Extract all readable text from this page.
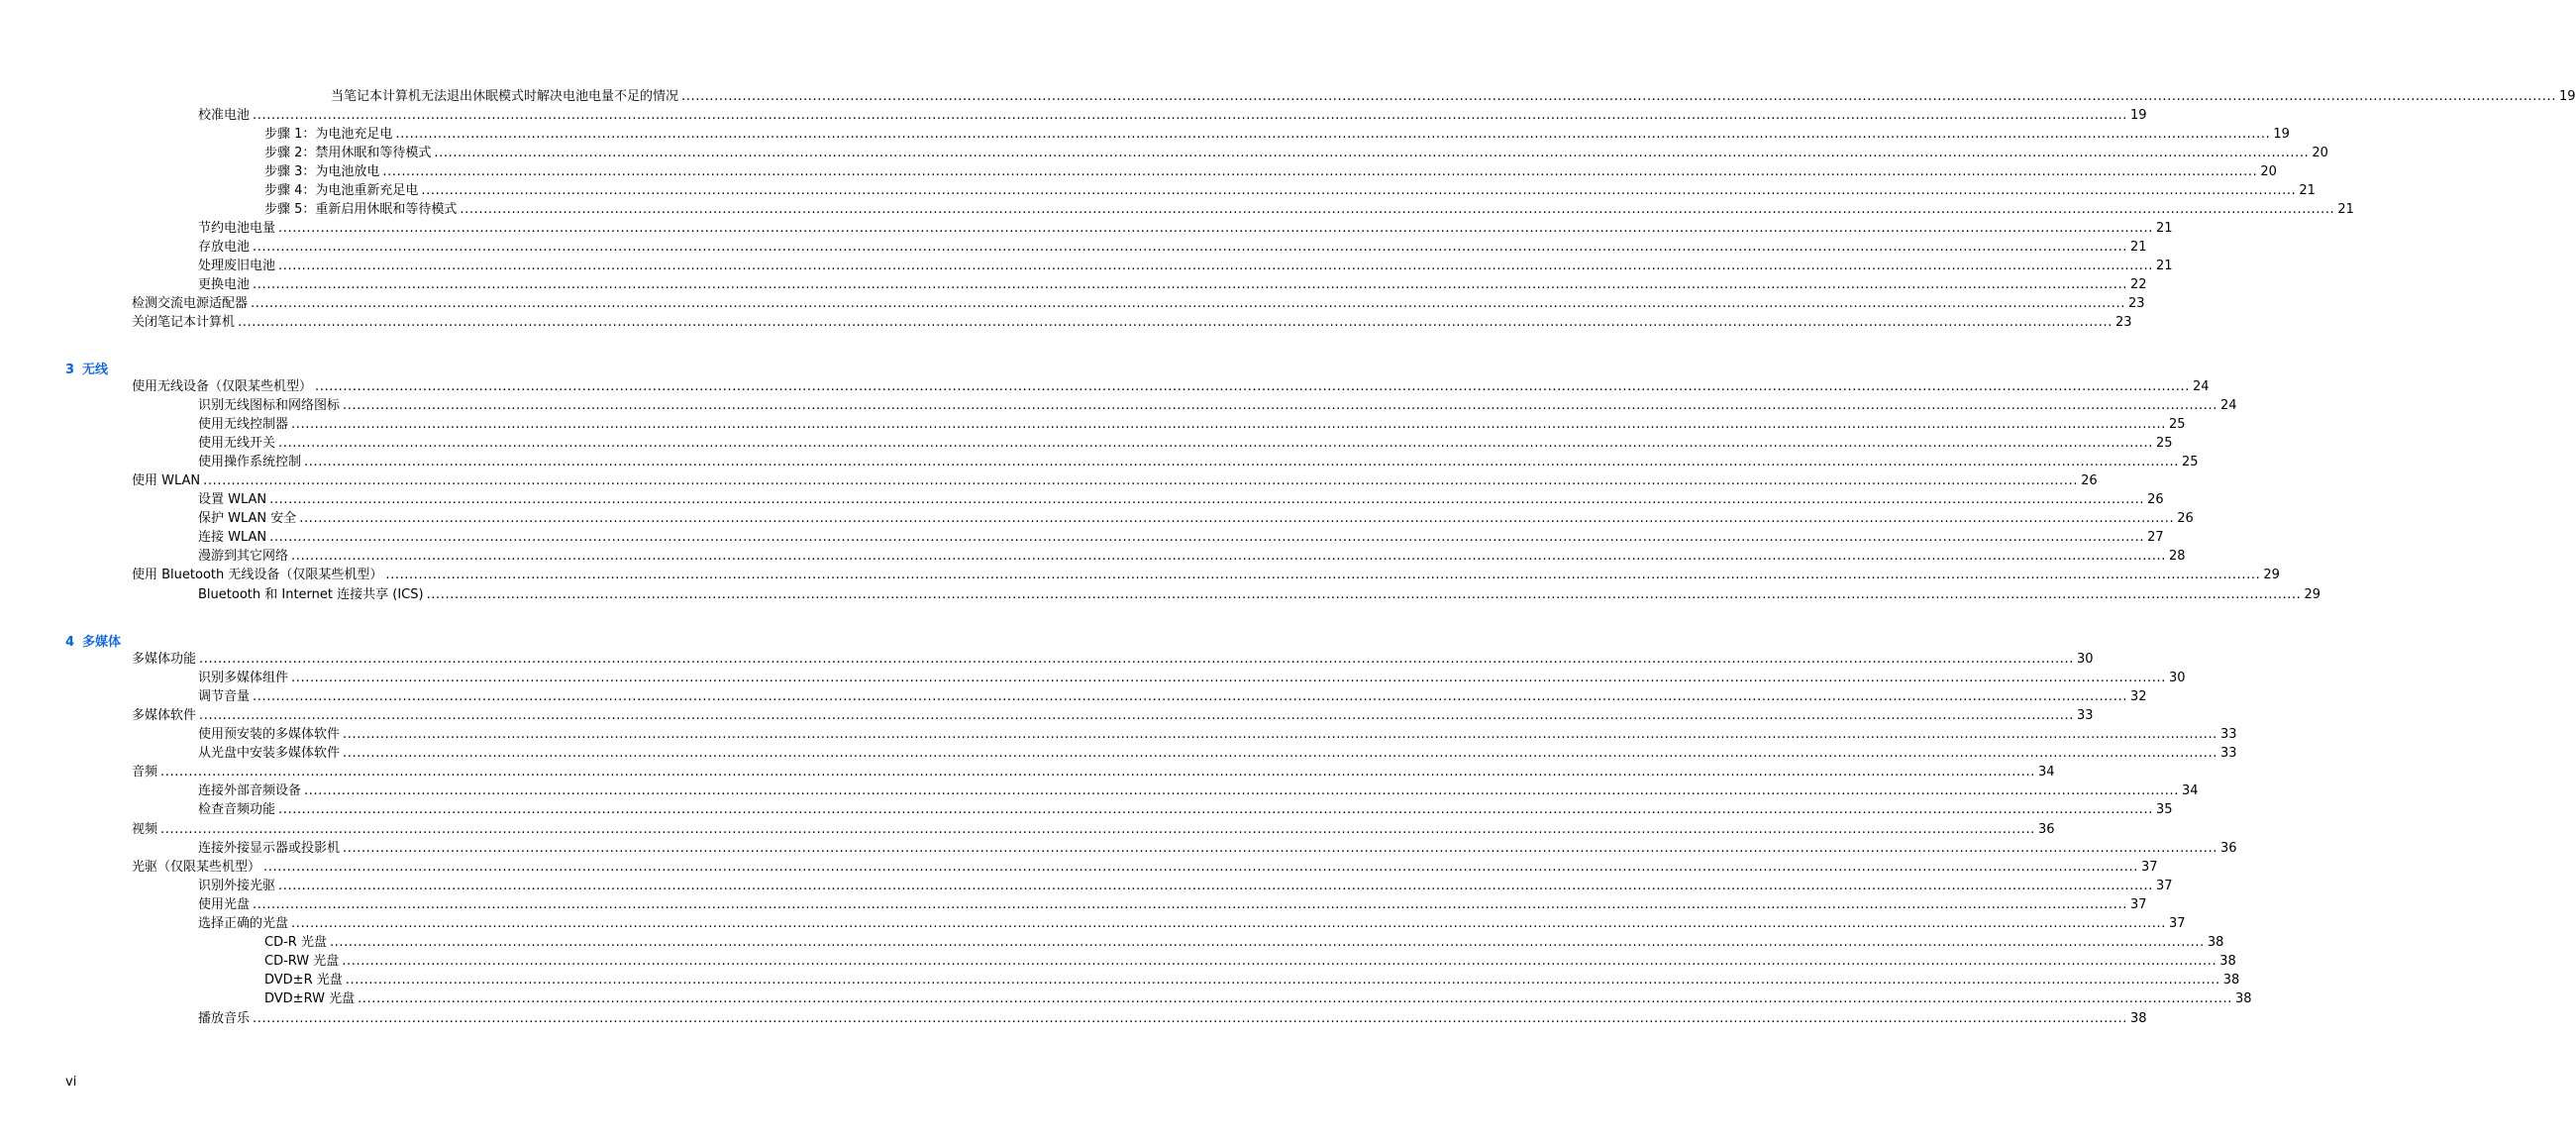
当笔记本计算机无法退出休眠模式时解决电池电量不足的情况 ................................................................................................................................................................................................................................................................................................................................................................................................................ 19
校准电池 ................................................................................................................................................................................................................................................................................................................................................................................................................ 19
步骤 1：为电池充足电 ................................................................................................................................................................................................................................................................................................................................................................................................................ 19
步骤 2：禁用休眠和等待模式 ................................................................................................................................................................................................................................................................................................................................................................................................................ 20
步骤 3：为电池放电 ................................................................................................................................................................................................................................................................................................................................................................................................................ 20
步骤 4：为电池重新充足电 ................................................................................................................................................................................................................................................................................................................................................................................................................ 21
步骤 5：重新启用休眠和等待模式 ................................................................................................................................................................................................................................................................................................................................................................................................................ 21
节约电池电量 ................................................................................................................................................................................................................................................................................................................................................................................................................ 21
存放电池 ................................................................................................................................................................................................................................................................................................................................................................................................................ 21
处理废旧电池 ................................................................................................................................................................................................................................................................................................................................................................................................................ 21
更换电池 ................................................................................................................................................................................................................................................................................................................................................................................................................ 22
检测交流电源适配器 ................................................................................................................................................................................................................................................................................................................................................................................................................ 23
关闭笔记本计算机 ................................................................................................................................................................................................................................................................................................................................................................................................................ 23
3 无线
使用无线设备（仅限某些机型） ................................................................................................................................................................................................................................................................................................................................................................................................................ 24
识别无线图标和网络图标 ................................................................................................................................................................................................................................................................................................................................................................................................................ 24
使用无线控制器 ................................................................................................................................................................................................................................................................................................................................................................................................................ 25
使用无线开关 ................................................................................................................................................................................................................................................................................................................................................................................................................ 25
使用操作系统控制 ................................................................................................................................................................................................................................................................................................................................................................................................................ 25
使用 WLAN ................................................................................................................................................................................................................................................................................................................................................................................................................ 26
设置 WLAN ................................................................................................................................................................................................................................................................................................................................................................................................................ 26
保护 WLAN 安全 ................................................................................................................................................................................................................................................................................................................................................................................................................ 26
连接 WLAN ................................................................................................................................................................................................................................................................................................................................................................................................................ 27
漫游到其它网络 ................................................................................................................................................................................................................................................................................................................................................................................................................ 28
使用 Bluetooth 无线设备（仅限某些机型） ................................................................................................................................................................................................................................................................................................................................................................................................................ 29
Bluetooth 和 Internet 连接共享 (ICS) ................................................................................................................................................................................................................................................................................................................................................................................................................ 29
4 多媒体
多媒体功能 ................................................................................................................................................................................................................................................................................................................................................................................................................ 30
识别多媒体组件 ................................................................................................................................................................................................................................................................................................................................................................................................................ 30
调节音量 ................................................................................................................................................................................................................................................................................................................................................................................................................ 32
多媒体软件 ................................................................................................................................................................................................................................................................................................................................................................................................................ 33
使用预安装的多媒体软件 ................................................................................................................................................................................................................................................................................................................................................................................................................ 33
从光盘中安装多媒体软件 ................................................................................................................................................................................................................................................................................................................................................................................................................ 33
音频 ................................................................................................................................................................................................................................................................................................................................................................................................................ 34
连接外部音频设备 ................................................................................................................................................................................................................................................................................................................................................................................................................ 34
检查音频功能 ................................................................................................................................................................................................................................................................................................................................................................................................................ 35
视频 ................................................................................................................................................................................................................................................................................................................................................................................................................ 36
连接外接显示器或投影机 ................................................................................................................................................................................................................................................................................................................................................................................................................ 36
光驱（仅限某些机型） ................................................................................................................................................................................................................................................................................................................................................................................................................ 37
识别外接光驱 ................................................................................................................................................................................................................................................................................................................................................................................................................ 37
使用光盘 ................................................................................................................................................................................................................................................................................................................................................................................................................ 37
选择正确的光盘 ................................................................................................................................................................................................................................................................................................................................................................................................................ 37
CD-R 光盘 ................................................................................................................................................................................................................................................................................................................................................................................................................ 38
CD-RW 光盘 ................................................................................................................................................................................................................................................................................................................................................................................................................ 38
DVD±R 光盘 ................................................................................................................................................................................................................................................................................................................................................................................................................ 38
DVD±RW 光盘 ................................................................................................................................................................................................................................................................................................................................................................................................................ 38
播放音乐 ................................................................................................................................................................................................................................................................................................................................................................................................................ 38
vi
